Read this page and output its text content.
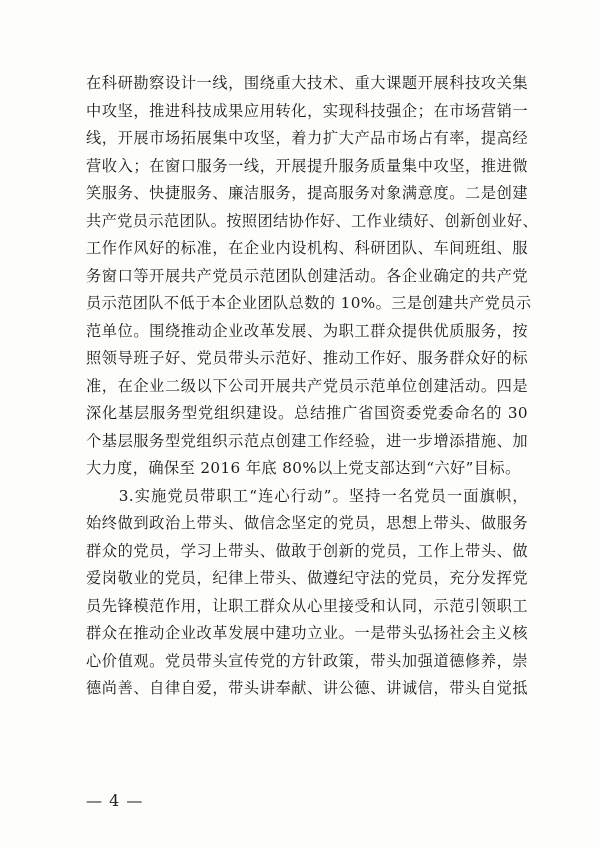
在科研勘察设计一线，围绕重大技术、重大课题开展科技攻关集

中攻坚，推进科技成果应用转化，实现科技强企；在市场营销一

线，开展市场拓展集中攻坚，着力扩大产品市场占有率，提高经

营收入；在窗口服务一线，开展提升服务质量集中攻坚，推进微

笑服务、快捷服务、廉洁服务，提高服务对象满意度。二是创建

共产党员示范团队。按照团结协作好、工作业绩好、创新创业好、

工作作风好的标准，在企业内设机构、科研团队、车间班组、服

务窗口等开展共产党员示范团队创建活动。各企业确定的共产党

员示范团队不低于本企业团队总数的 10%。三是创建共产党员示

范单位。围绕推动企业改革发展、为职工群众提供优质服务，按

照领导班子好、党员带头示范好、推动工作好、服务群众好的标

准，在企业二级以下公司开展共产党员示范单位创建活动。四是

深化基层服务型党组织建设。总结推广省国资委党委命名的 30

个基层服务型党组织示范点创建工作经验，进一步增添措施、加

大力度，确保至 2016 年底 80%以上党支部达到“六好”目标。

　　3.实施党员带职工“连心行动”。坚持一名党员一面旗帜，

始终做到政治上带头、做信念坚定的党员，思想上带头、做服务

群众的党员，学习上带头、做敢于创新的党员，工作上带头、做

爱岗敬业的党员，纪律上带头、做遵纪守法的党员，充分发挥党

员先锋模范作用，让职工群众从心里接受和认同，示范引领职工

群众在推动企业改革发展中建功立业。一是带头弘扬社会主义核

心价值观。党员带头宣传党的方针政策，带头加强道德修养，崇

德尚善、自律自爱，带头讲奉献、讲公德、讲诚信，带头自觉抵

— 4 —
